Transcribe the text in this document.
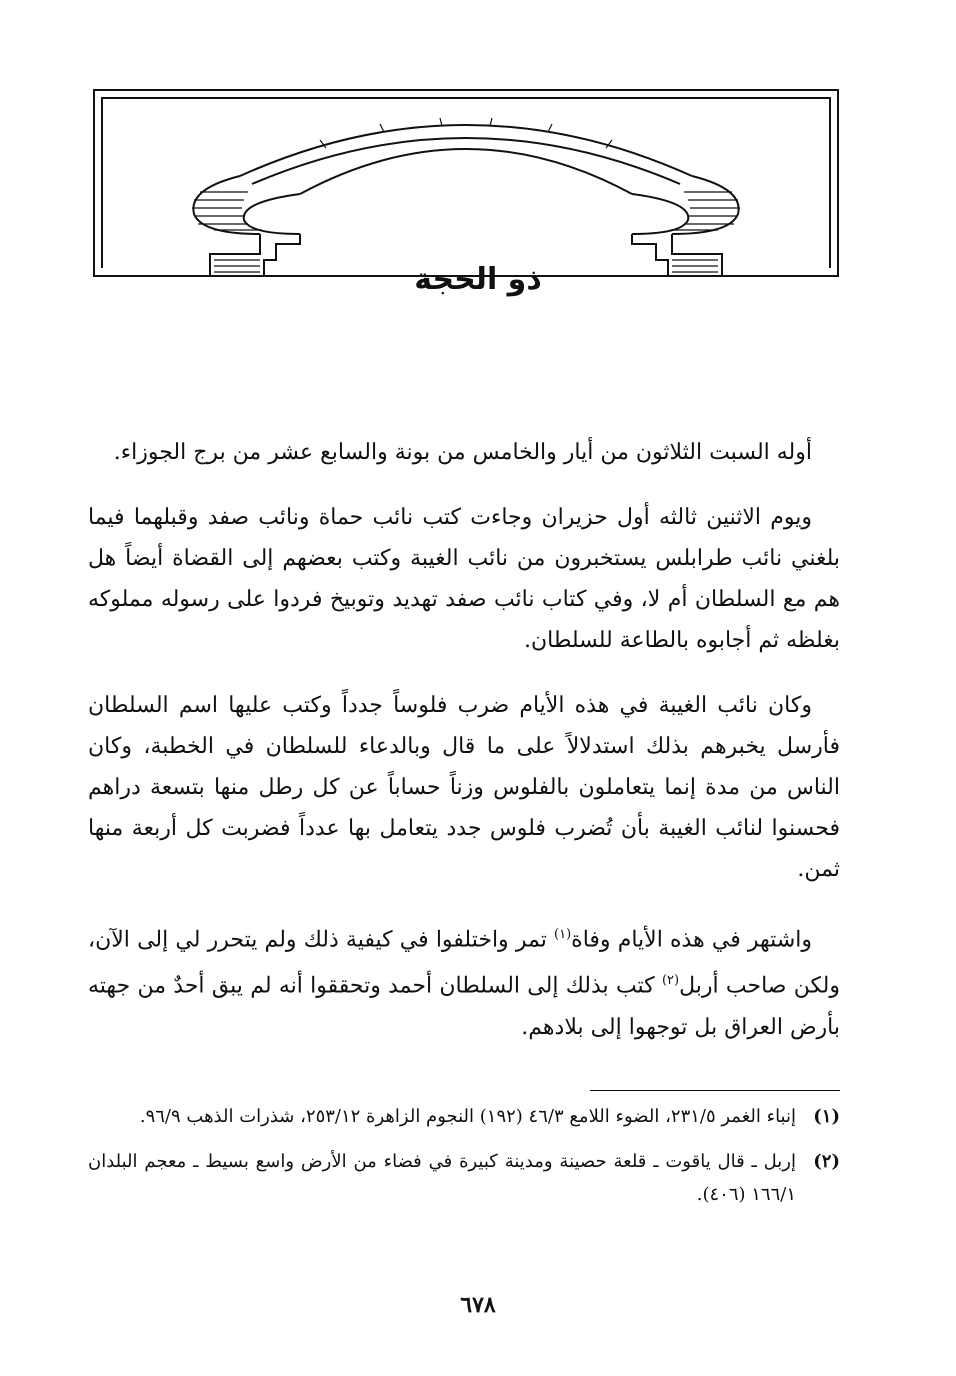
ذو الحجة

أوله السبت الثلاثون من أيار والخامس من بونة والسابع عشر من برج الجوزاء.

ويوم الاثنين ثالثه أول حزيران وجاءت كتب نائب حماة ونائب صفد وقبلهما فيما بلغني نائب طرابلس يستخبرون من نائب الغيبة وكتب بعضهم إلى القضاة أيضاً هل هم مع السلطان أم لا، وفي كتاب نائب صفد تهديد وتوبيخ فردوا على رسوله مملوكه بغلظه ثم أجابوه بالطاعة للسلطان.

وكان نائب الغيبة في هذه الأيام ضرب فلوساً جدداً وكتب عليها اسم السلطان فأرسل يخبرهم بذلك استدلالاً على ما قال وبالدعاء للسلطان في الخطبة، وكان الناس من مدة إنما يتعاملون بالفلوس وزناً حساباً عن كل رطل منها بتسعة دراهم فحسنوا لنائب الغيبة بأن تُضرب فلوس جدد يتعامل بها عدداً فضربت كل أربعة منها ثمن.

واشتهر في هذه الأيام وفاة$^{(١)}$ تمر واختلفوا في كيفية ذلك ولم يتحرر لي إلى الآن، ولكن صاحب أربل$^{(٢)}$ كتب بذلك إلى السلطان أحمد وتحققوا أنه لم يبق أحدٌ من جهته بأرض العراق بل توجهوا إلى بلادهم.

(١)
إنباء الغمر ٢٣١/٥، الضوء اللامع ٤٦/٣ (١٩٢) النجوم الزاهرة ٢٥٣/١٢، شذرات الذهب ٩٦/٩.
(٢)
إربل ـ قال ياقوت ـ قلعة حصينة ومدينة كبيرة في فضاء من الأرض واسع بسيط ـ معجم البلدان ١٦٦/١ (٤٠٦).
٦٧٨
